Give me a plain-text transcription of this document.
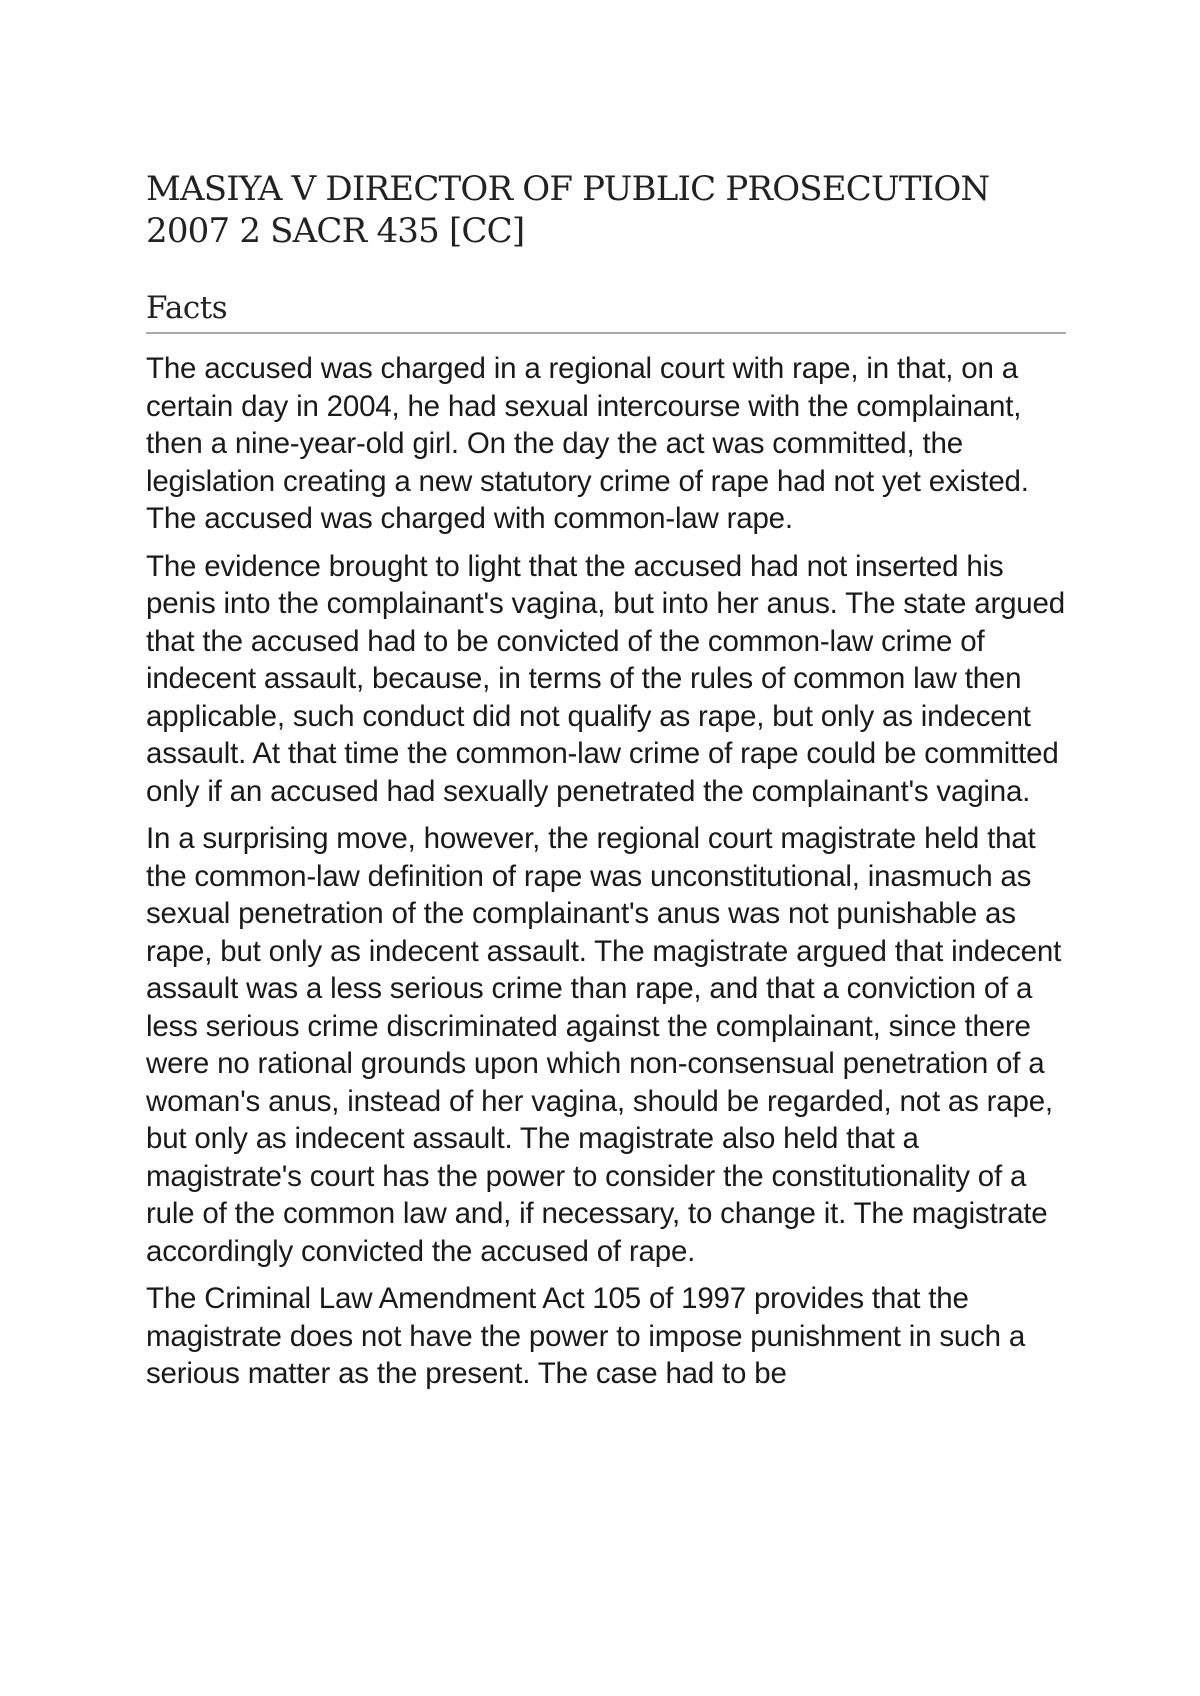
MASIYA V DIRECTOR OF PUBLIC PROSECUTION
2007 2 SACR 435 [CC]
Facts

The accused was charged in a regional court with rape, in that, on a certain day in 2004, he had sexual intercourse with the complainant, then a nine-year-old girl. On the day the act was committed, the legislation creating a new statutory crime of rape had not yet existed. The accused was charged with common-law rape.

The evidence brought to light that the accused had not inserted his penis into the complainant's vagina, but into her anus. The state argued that the accused had to be convicted of the common-law crime of indecent assault, because, in terms of the rules of common law then applicable, such conduct did not qualify as rape, but only as indecent assault. At that time the common-law crime of rape could be committed only if an accused had sexually penetrated the complainant's vagina.

In a surprising move, however, the regional court magistrate held that the common-law definition of rape was unconstitutional, inasmuch as sexual penetration of the complainant's anus was not punishable as rape, but only as indecent assault. The magistrate argued that indecent assault was a less serious crime than rape, and that a conviction of a less serious crime discriminated against the complainant, since there were no rational grounds upon which non-consensual penetration of a woman's anus, instead of her vagina, should be regarded, not as rape, but only as indecent assault. The magistrate also held that a magistrate's court has the power to consider the constitutionality of a rule of the common law and, if necessary, to change it. The magistrate accordingly convicted the accused of rape.

The Criminal Law Amendment Act 105 of 1997 provides that the magistrate does not have the power to impose punishment in such a serious matter as the present. The case had to be
